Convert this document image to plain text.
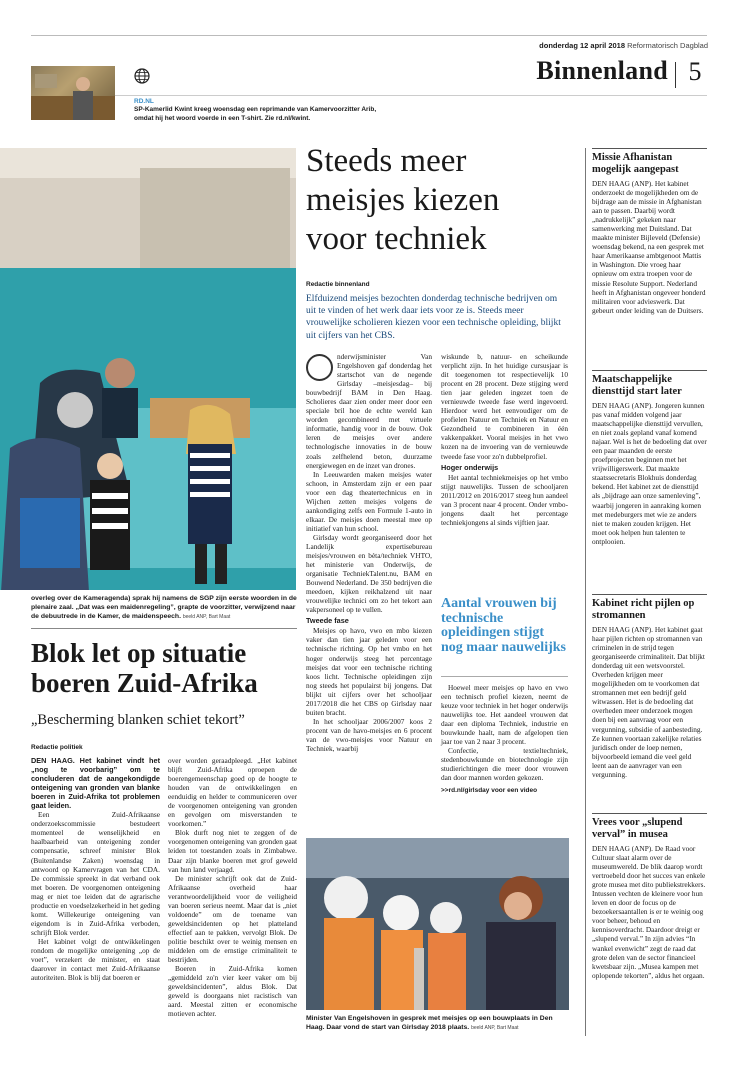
donderdag 12 april 2018 Reformatorisch Dagblad
Binnenland 5
RD.NL
SP-Kamerlid Kwint kreeg woensdag een reprimande van Kamervoorzitter Arib, omdat hij het woord voerde in een T-shirt. Zie rd.nl/kwint.
overleg over de Kameragenda) sprak hij namens de SGP zijn eerste woorden in de plenaire zaal. „Dat was een maidenregeling”, grapte de voorzitter, verwijzend naar de debuutrede in de Kamer, de maidenspeech. beeld ANP, Bart Maat
Blok let op situatie boeren Zuid-Afrika
„Bescherming blanken schiet tekort”
Redactie politiek

DEN HAAG. Het kabinet vindt het „nog te voorbarig” om te concluderen dat de aangekondigde onteigening van gronden van blanke boeren in Zuid-Afrika tot problemen gaat leiden.

Een Zuid-Afrikaanse onderzoekscommissie bestudeert momenteel de wenselijkheid en haalbaarheid van onteigening zonder compensatie, schreef minister Blok (Buitenlandse Zaken) woensdag in antwoord op Kamervragen van het CDA. De commissie spreekt in dat verband ook met boeren. De voorgenomen onteigening mag er niet toe leiden dat de agrarische productie en voedselzekerheid in het geding komt. Willekeurige onteigening van eigendom is in Zuid-Afrika verboden, schrijft Blok verder.

Het kabinet volgt de ontwikkelingen rondom de mogelijke onteigening „op de voet”, verzekert de minister, en staat daarover in contact met Zuid-Afrikaanse autoriteiten. Blok is blij dat boeren er

over worden geraadpleegd. „Het kabinet blijft Zuid-Afrika oproepen de boerengemeenschap goed op de hoogte te houden van de ontwikkelingen en eenduidig en helder te communiceren over de voorgenomen onteigening van gronden en gevolgen om misverstanden te voorkomen.”

Blok durft nog niet te zeggen of de voorgenomen onteigening van gronden gaat leiden tot toestanden zoals in Zimbabwe. Daar zijn blanke boeren met grof geweld van hun land verjaagd.

De minister schrijft ook dat de Zuid-Afrikaanse overheid haar verantwoordelijkheid voor de veiligheid van boeren serieus neemt. Maar dat is „niet voldoende” om de toename van geweldsincidenten op het platteland effectief aan te pakken, vervolgt Blok. De politie beschikt over te weinig mensen en middelen om de ernstige criminaliteit te bestrijden.

Boeren in Zuid-Afrika komen „gemiddeld zo'n vier keer vaker om bij geweldsincidenten”, aldus Blok. Dat geweld is doorgaans niet racistisch van aard. Meestal zitten er economische motieven achter.

Steeds meer meisjes kiezen voor techniek
Redactie binnenland
Elfduizend meisjes bezochten donderdag technische bedrijven om uit te vinden of het werk daar iets voor ze is. Steeds meer vrouwelijke scholieren kiezen voor een technische opleiding, blijkt uit cijfers van het CBS.
O	nderwijsminister Van Engelshoven gaf donderdag het startschot van de negende Girlsday –meisjesdag– bij bouwbedrijf BAM in Den Haag. Scholieres daar zien onder meer door een speciale bril hoe de echte wereld kan worden gecombineerd met virtuele informatie, handig voor in de bouw. Ook leren de meisjes over andere technologische innovaties in de bouw zoals zelfhelend beton, duurzame energiewegen en de inzet van drones.

In Leeuwarden maken meisjes water schoon, in Amsterdam zijn er een paar voor een dag theatertechnicus en in Wijchen zetten meisjes volgens de aankondiging zelfs een Formule 1-auto in elkaar. De meisjes doen meestal mee op initiatief van hun school.

Girlsday wordt georganiseerd door het Landelijk expertisebureau meisjes/vrouwen en bèta/techniek VHTO, het ministerie van Onderwijs, de organisatie TechniekTalent.nu, BAM en Bouwend Nederland. De 350 bedrijven die meedoen, kijken reikhalzend uit naar vrouwelijke technici om zo het tekort aan vakpersoneel op te vullen.

Tweede fase

Meisjes op havo, vwo en mbo kiezen vaker dan tien jaar geleden voor een technische richting. Op het vmbo en het hoger onderwijs steeg het percentage meisjes dat voor een technische richting koos licht. Technische opleidingen zijn nog steeds het populairst bij jongens. Dat blijkt uit cijfers over het schooljaar 2017/2018 die het CBS op Girlsday naar buiten bracht.

In het schooljaar 2006/2007 koos 2 procent van de havo-meisjes en 6 procent van de vwo-meisjes voor Natuur en Techniek, waarbij

wiskunde b, natuur- en scheikunde verplicht zijn. In het huidige cursusjaar is dit toegenomen tot respectievelijk 10 procent en 28 procent. Deze stijging werd tien jaar geleden ingezet toen de vernieuwde tweede fase werd ingevoerd. Hierdoor werd het eenvoudiger om de profielen Natuur en Techniek en Natuur en Gezondheid te combineren in één vakkenpakket. Vooral meisjes in het vwo kozen na de invoering van de vernieuwde tweede fase voor zo'n dubbelprofiel.

Hoger onderwijs

Het aantal techniekmeisjes op het vmbo stijgt nauwelijks. Tussen de schooljaren 2011/2012 en 2016/2017 steeg hun aandeel van 3 procent naar 4 procent. Onder vmbo-jongens daalt het percentage techniekjongens al sinds vijftien jaar.

Aantal vrouwen bij technische opleidingen stijgt nog maar nauwelijks

Hoewel meer meisjes op havo en vwo een technisch profiel kiezen, neemt de keuze voor techniek in het hoger onderwijs nauwelijks toe. Het aandeel vrouwen dat daar een diploma Techniek, industrie en bouwkunde haalt, nam de afgelopen tien jaar toe van 2 naar 3 procent.

Confectie, textieltechniek, stedenbouwkunde en biotechnologie zijn studierichtingen die meer door vrouwen dan door mannen worden gekozen.

>>rd.nl/girlsday voor een video

Minister Van Engelshoven in gesprek met meisjes op een bouwplaats in Den Haag. Daar vond de start van Girlsday 2018 plaats. beeld ANP, Bart Maat
Missie Afhanistan mogelijk aangepast
DEN HAAG (ANP). Het kabinet onderzoekt de mogelijkheden om de bijdrage aan de missie in Afghanistan aan te passen. Daarbij wordt „nadrukkelijk” gekeken naar samenwerking met Duitsland. Dat maakte minister Bijleveld (Defensie) woensdag bekend, na een gesprek met haar Amerikaanse ambtgenoot Mattis in Washington. Die vroeg haar opnieuw om extra troepen voor de missie Resolute Support. Nederland heeft in Afghanistan ongeveer honderd militairen voor advieswerk. Dat gebeurt onder leiding van de Duitsers.
Maatschappelijke diensttijd start later
DEN HAAG (ANP). Jongeren kunnen pas vanaf midden volgend jaar maatschappelijke diensttijd vervullen, en niet zoals gepland vanaf komend najaar. Wel is het de bedoeling dat over een paar maanden de eerste proefprojecten beginnen met het vrijwilligerswerk. Dat maakte staatssecretaris Blokhuis donderdag bekend. Het kabinet zet de diensttijd als „bijdrage aan onze samenleving”, waarbij jongeren in aanraking komen met medeburgers met wie ze anders niet te maken zouden krijgen. Het moet ook helpen hun talenten te ontplooien.
Kabinet richt pijlen op stromannen
DEN HAAG (ANP). Het kabinet gaat haar pijlen richten op stromannen van criminelen in de strijd tegen georganiseerde criminaliteit. Dat blijkt donderdag uit een wetsvoorstel. Overheden krijgen meer mogelijkheden om te voorkomen dat stromannen met een bedrijf geld witwassen. Het is de bedoeling dat overheden meer onderzoek mogen doen bij een aanvraag voor een vergunning, subsidie of aanbesteding. Ze kunnen voortaan zakelijke relaties juridisch onder de loep nemen, bijvoorbeeld iemand die veel geld leent aan de aanvrager van een vergunning.
Vrees voor „slupend verval” in musea
DEN HAAG (ANP). De Raad voor Cultuur slaat alarm over de museumwereld. De blik daarop wordt vertroebeld door het succes van enkele grote musea met dito publiekstrekkers. Intussen vechten de kleinere voor hun leven en door de focus op de bezoekersaantallen is er te weinig oog voor beheer, behoud en kennisoverdracht. Daardoor dreigt er „slupend verval.” In zijn advies “In wankel evenwicht” zegt de raad dat grote delen van de sector financieel kwetsbaar zijn. „Musea kampen met oplopende tekorten”, aldus het orgaan.
